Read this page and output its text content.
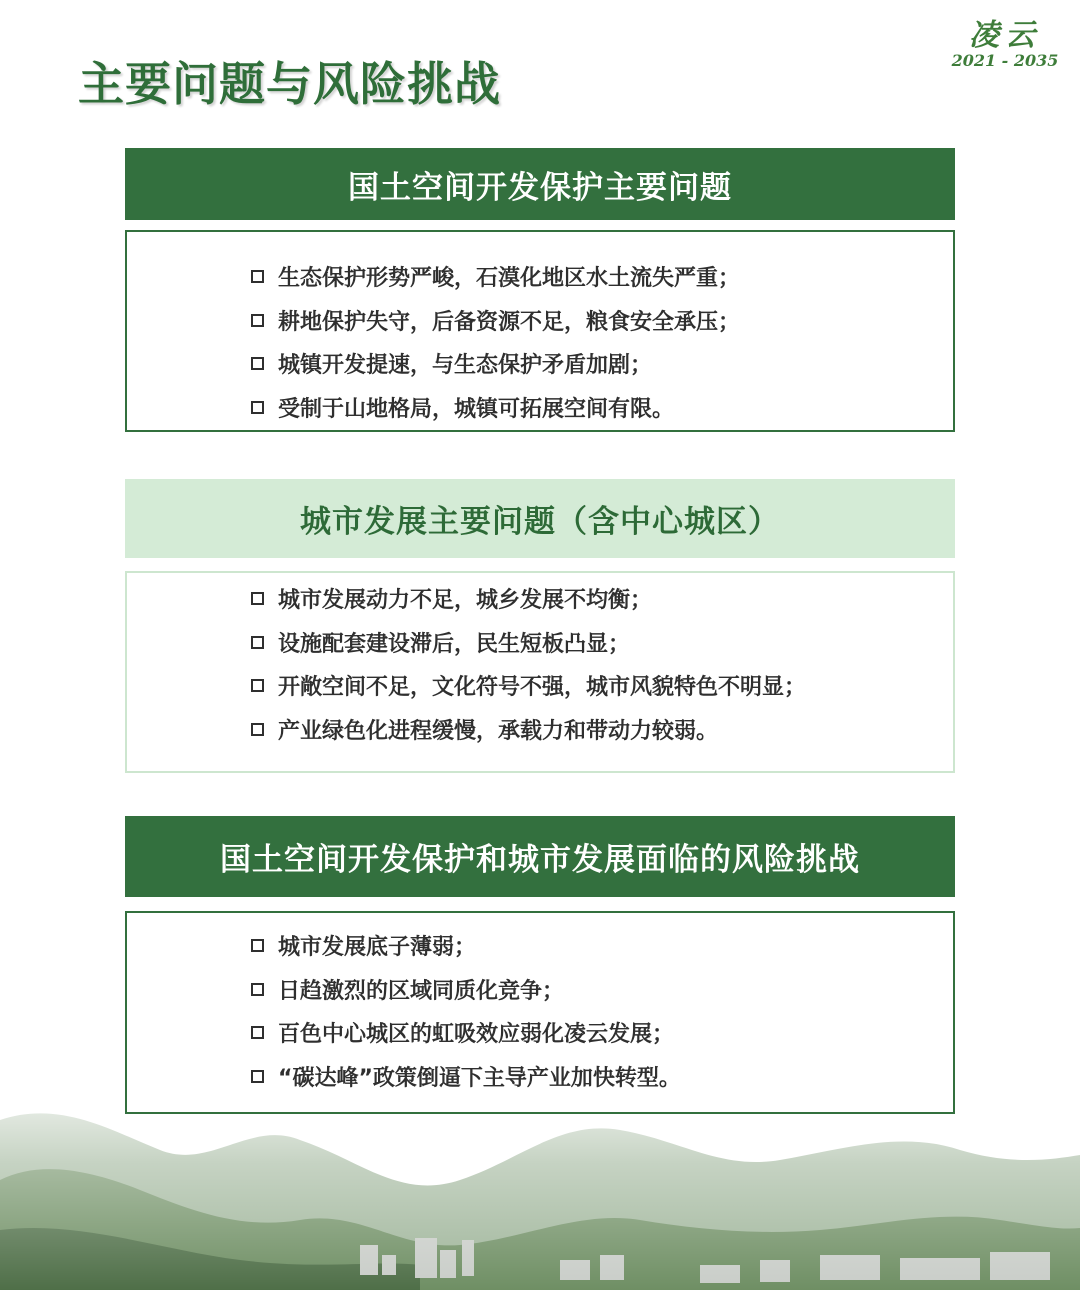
主要问题与风险挑战
凌云
2021 - 2035
国土空间开发保护主要问题
生态保护形势严峻，石漠化地区水土流失严重；
耕地保护失守，后备资源不足，粮食安全承压；
城镇开发提速，与生态保护矛盾加剧；
受制于山地格局，城镇可拓展空间有限。
城市发展主要问题（含中心城区）
城市发展动力不足，城乡发展不均衡；
设施配套建设滞后，民生短板凸显；
开敞空间不足，文化符号不强，城市风貌特色不明显；
产业绿色化进程缓慢，承载力和带动力较弱。
国土空间开发保护和城市发展面临的风险挑战
城市发展底子薄弱；
日趋激烈的区域同质化竞争；
百色中心城区的虹吸效应弱化凌云发展；
“碳达峰”政策倒逼下主导产业加快转型。
